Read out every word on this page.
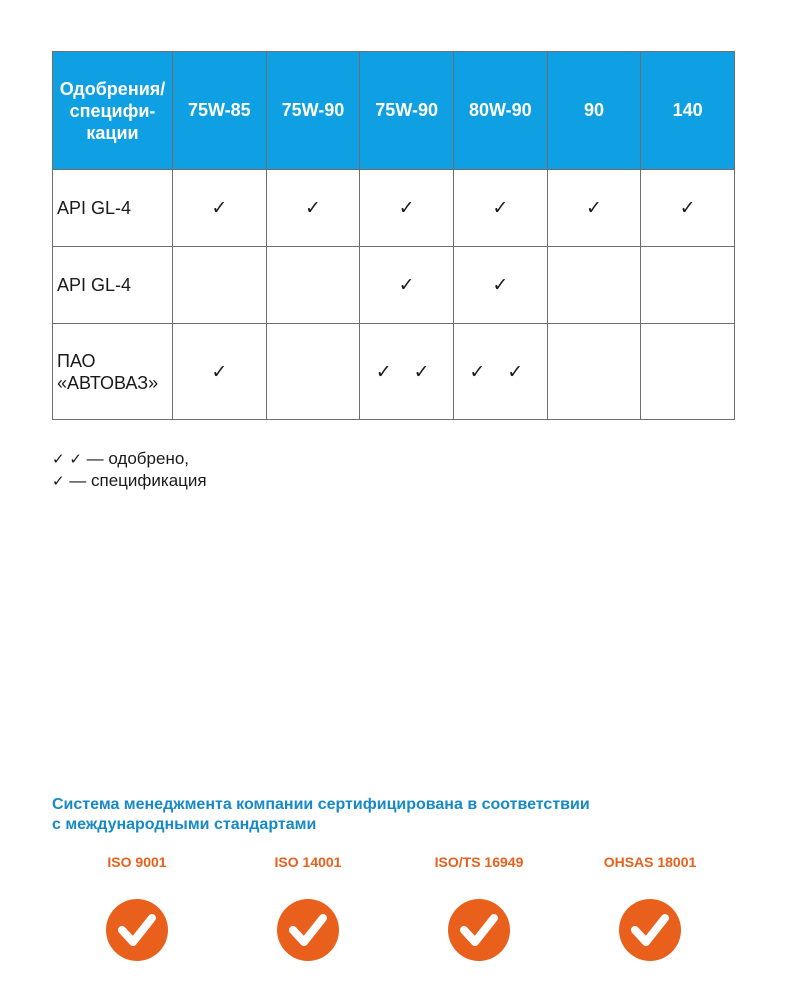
Одобрения/
специфи-
кации	75W-85	75W-90	75W-90	80W-90	90	140
API GL-4	✓	✓	✓	✓	✓	✓
API GL-4			✓	✓		
ПАО
«АВТОВАЗ»	✓		✓ ✓	✓ ✓		
✓ ✓ — одобрено,
✓ — спецификация
Система менеджмента компании сертифицирована в соответствии
с международными стандартами
ISO 9001	ISO 14001	ISO/TS 16949	OHSAS 18001
